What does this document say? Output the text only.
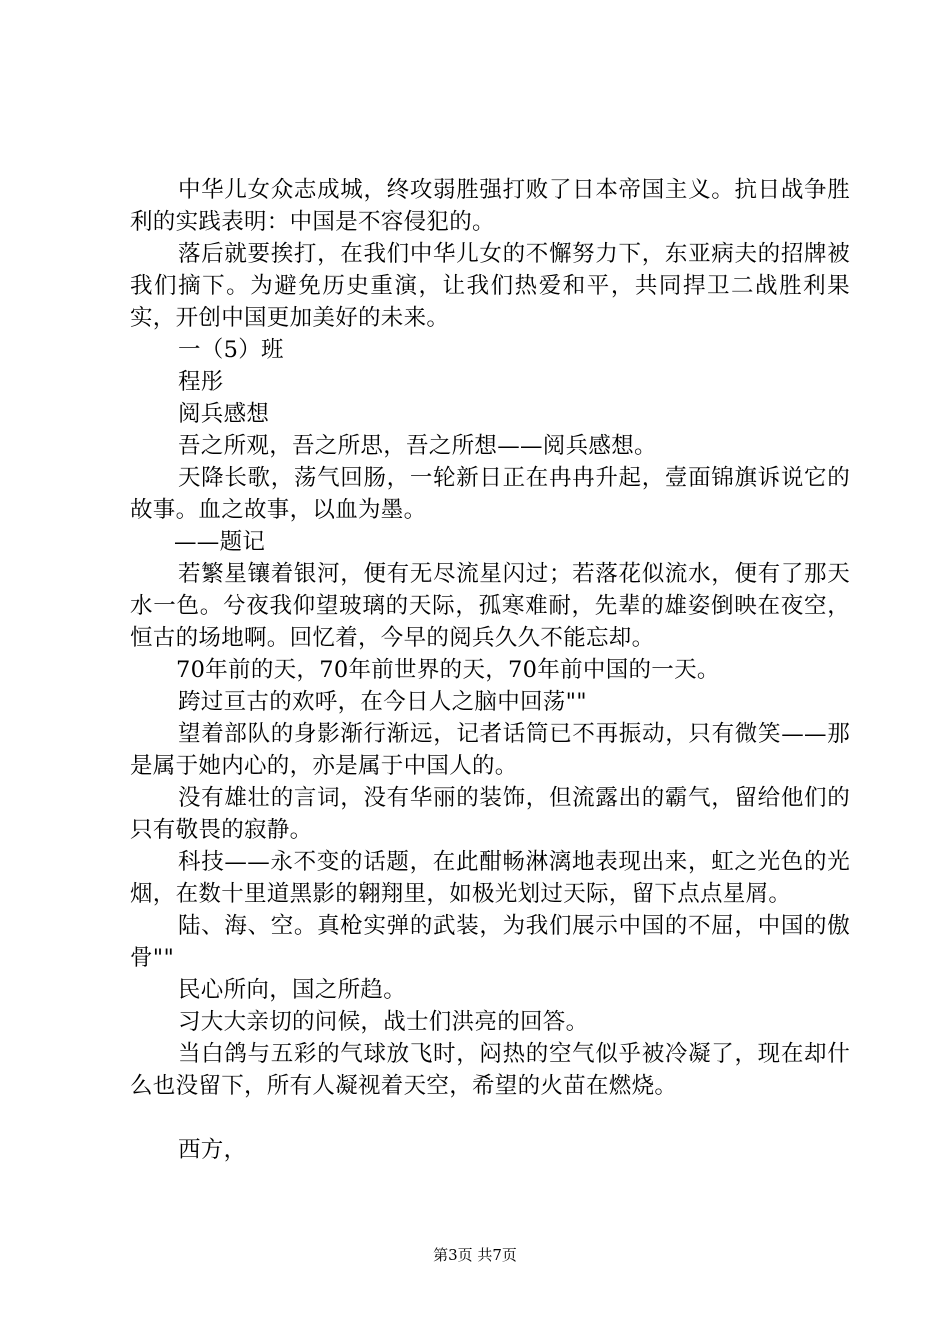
中华儿女众志成城，终攻弱胜强打败了日本帝国主义。抗日战争胜利的实践表明：中国是不容侵犯的。

落后就要挨打，在我们中华儿女的不懈努力下，东亚病夫的招牌被我们摘下。为避免历史重演，让我们热爱和平，共同捍卫二战胜利果实，开创中国更加美好的未来。

一（5）班

程彤

阅兵感想

吾之所观，吾之所思，吾之所想——阅兵感想。

天降长歌，荡气回肠，一轮新日正在冉冉升起，壹面锦旗诉说它的故事。血之故事，以血为墨。

——题记

若繁星镶着银河，便有无尽流星闪过；若落花似流水，便有了那天水一色。兮夜我仰望玻璃的天际，孤寒难耐，先辈的雄姿倒映在夜空，恒古的场地啊。回忆着，今早的阅兵久久不能忘却。

70年前的天，70年前世界的天，70年前中国的一天。

跨过亘古的欢呼，在今日人之脑中回荡""

望着部队的身影渐行渐远，记者话筒已不再振动，只有微笑——那是属于她内心的，亦是属于中国人的。

没有雄壮的言词，没有华丽的装饰，但流露出的霸气，留给他们的只有敬畏的寂静。

科技——永不变的话题，在此酣畅淋漓地表现出来，虹之光色的光烟，在数十里道黑影的翱翔里，如极光划过天际，留下点点星屑。

陆、海、空。真枪实弹的武装，为我们展示中国的不屈，中国的傲骨""

民心所向，国之所趋。

习大大亲切的问候，战士们洪亮的回答。

当白鸽与五彩的气球放飞时，闷热的空气似乎被冷凝了，现在却什么也没留下，所有人凝视着天空，希望的火苗在燃烧。

西方，

第3页 共7页
